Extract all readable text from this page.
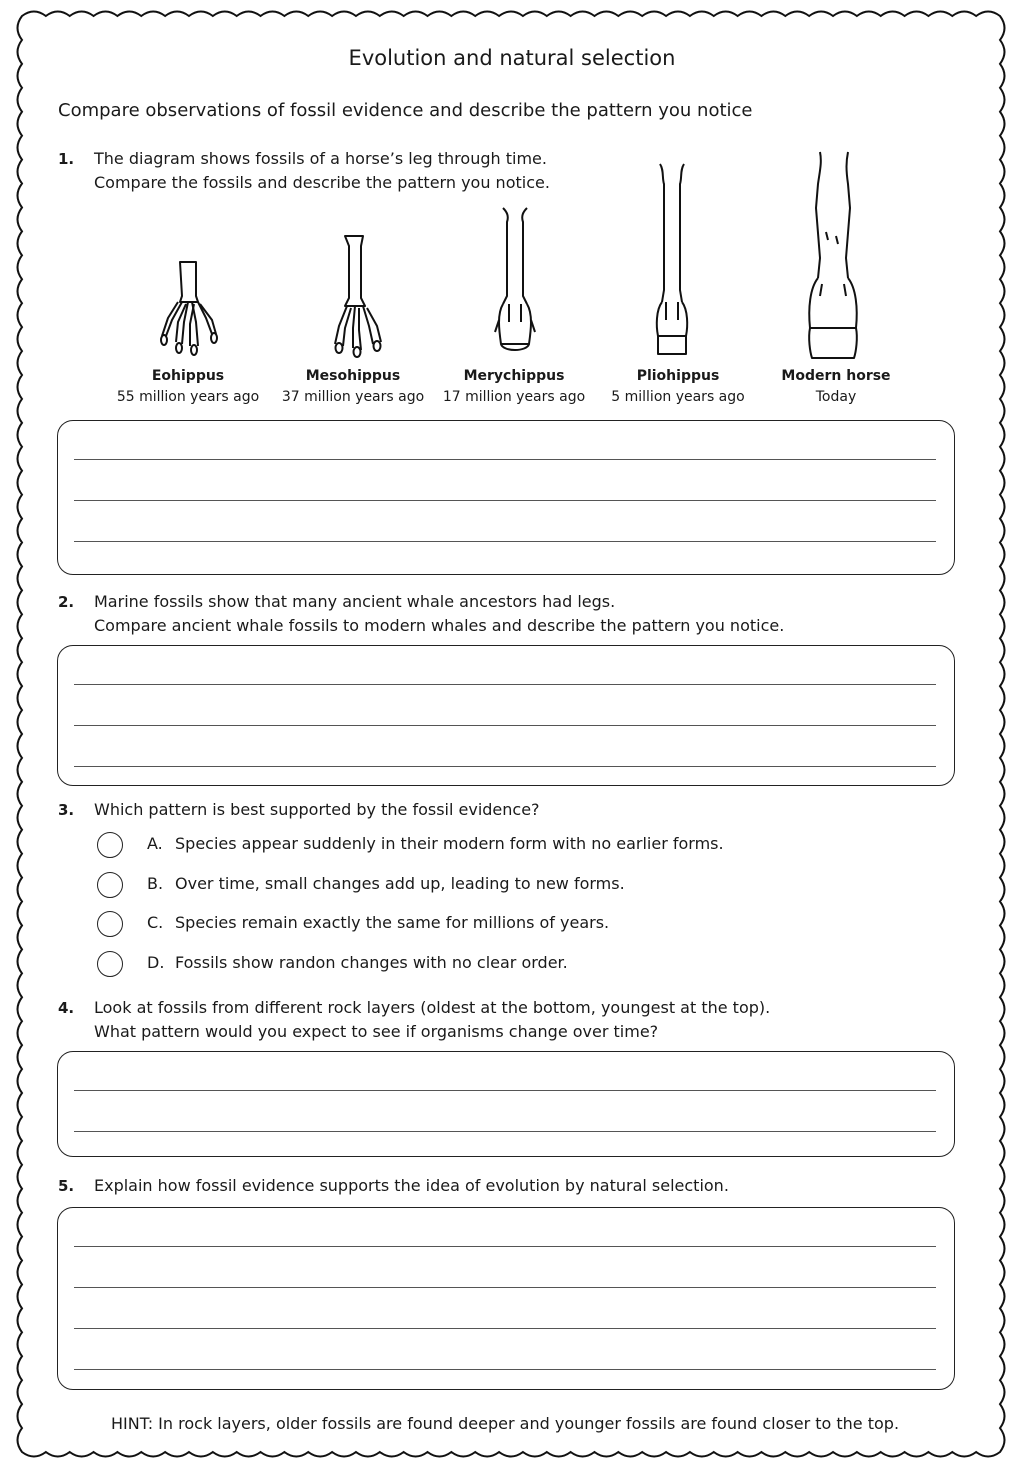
Evolution and natural selection
Compare observations of fossil evidence and describe the pattern you notice
1. The diagram shows fossils of a horse’s leg through time.
Compare the fossils and describe the pattern you notice.
Eohippus
55 million years ago
Mesohippus
37 million years ago
Merychippus
17 million years ago
Pliohippus
5 million years ago
Modern horse
Today
2. Marine fossils show that many ancient whale ancestors had legs.
Compare ancient whale fossils to modern whales and describe the pattern you notice.
3. Which pattern is best supported by the fossil evidence?
A. Species appear suddenly in their modern form with no earlier forms.
B. Over time, small changes add up, leading to new forms.
C. Species remain exactly the same for millions of years.
D. Fossils show randon changes with no clear order.
4. Look at fossils from different rock layers (oldest at the bottom, youngest at the top).
What pattern would you expect to see if organisms change over time?
5. Explain how fossil evidence supports the idea of evolution by natural selection.
HINT: In rock layers, older fossils are found deeper and younger fossils are found closer to the top.
